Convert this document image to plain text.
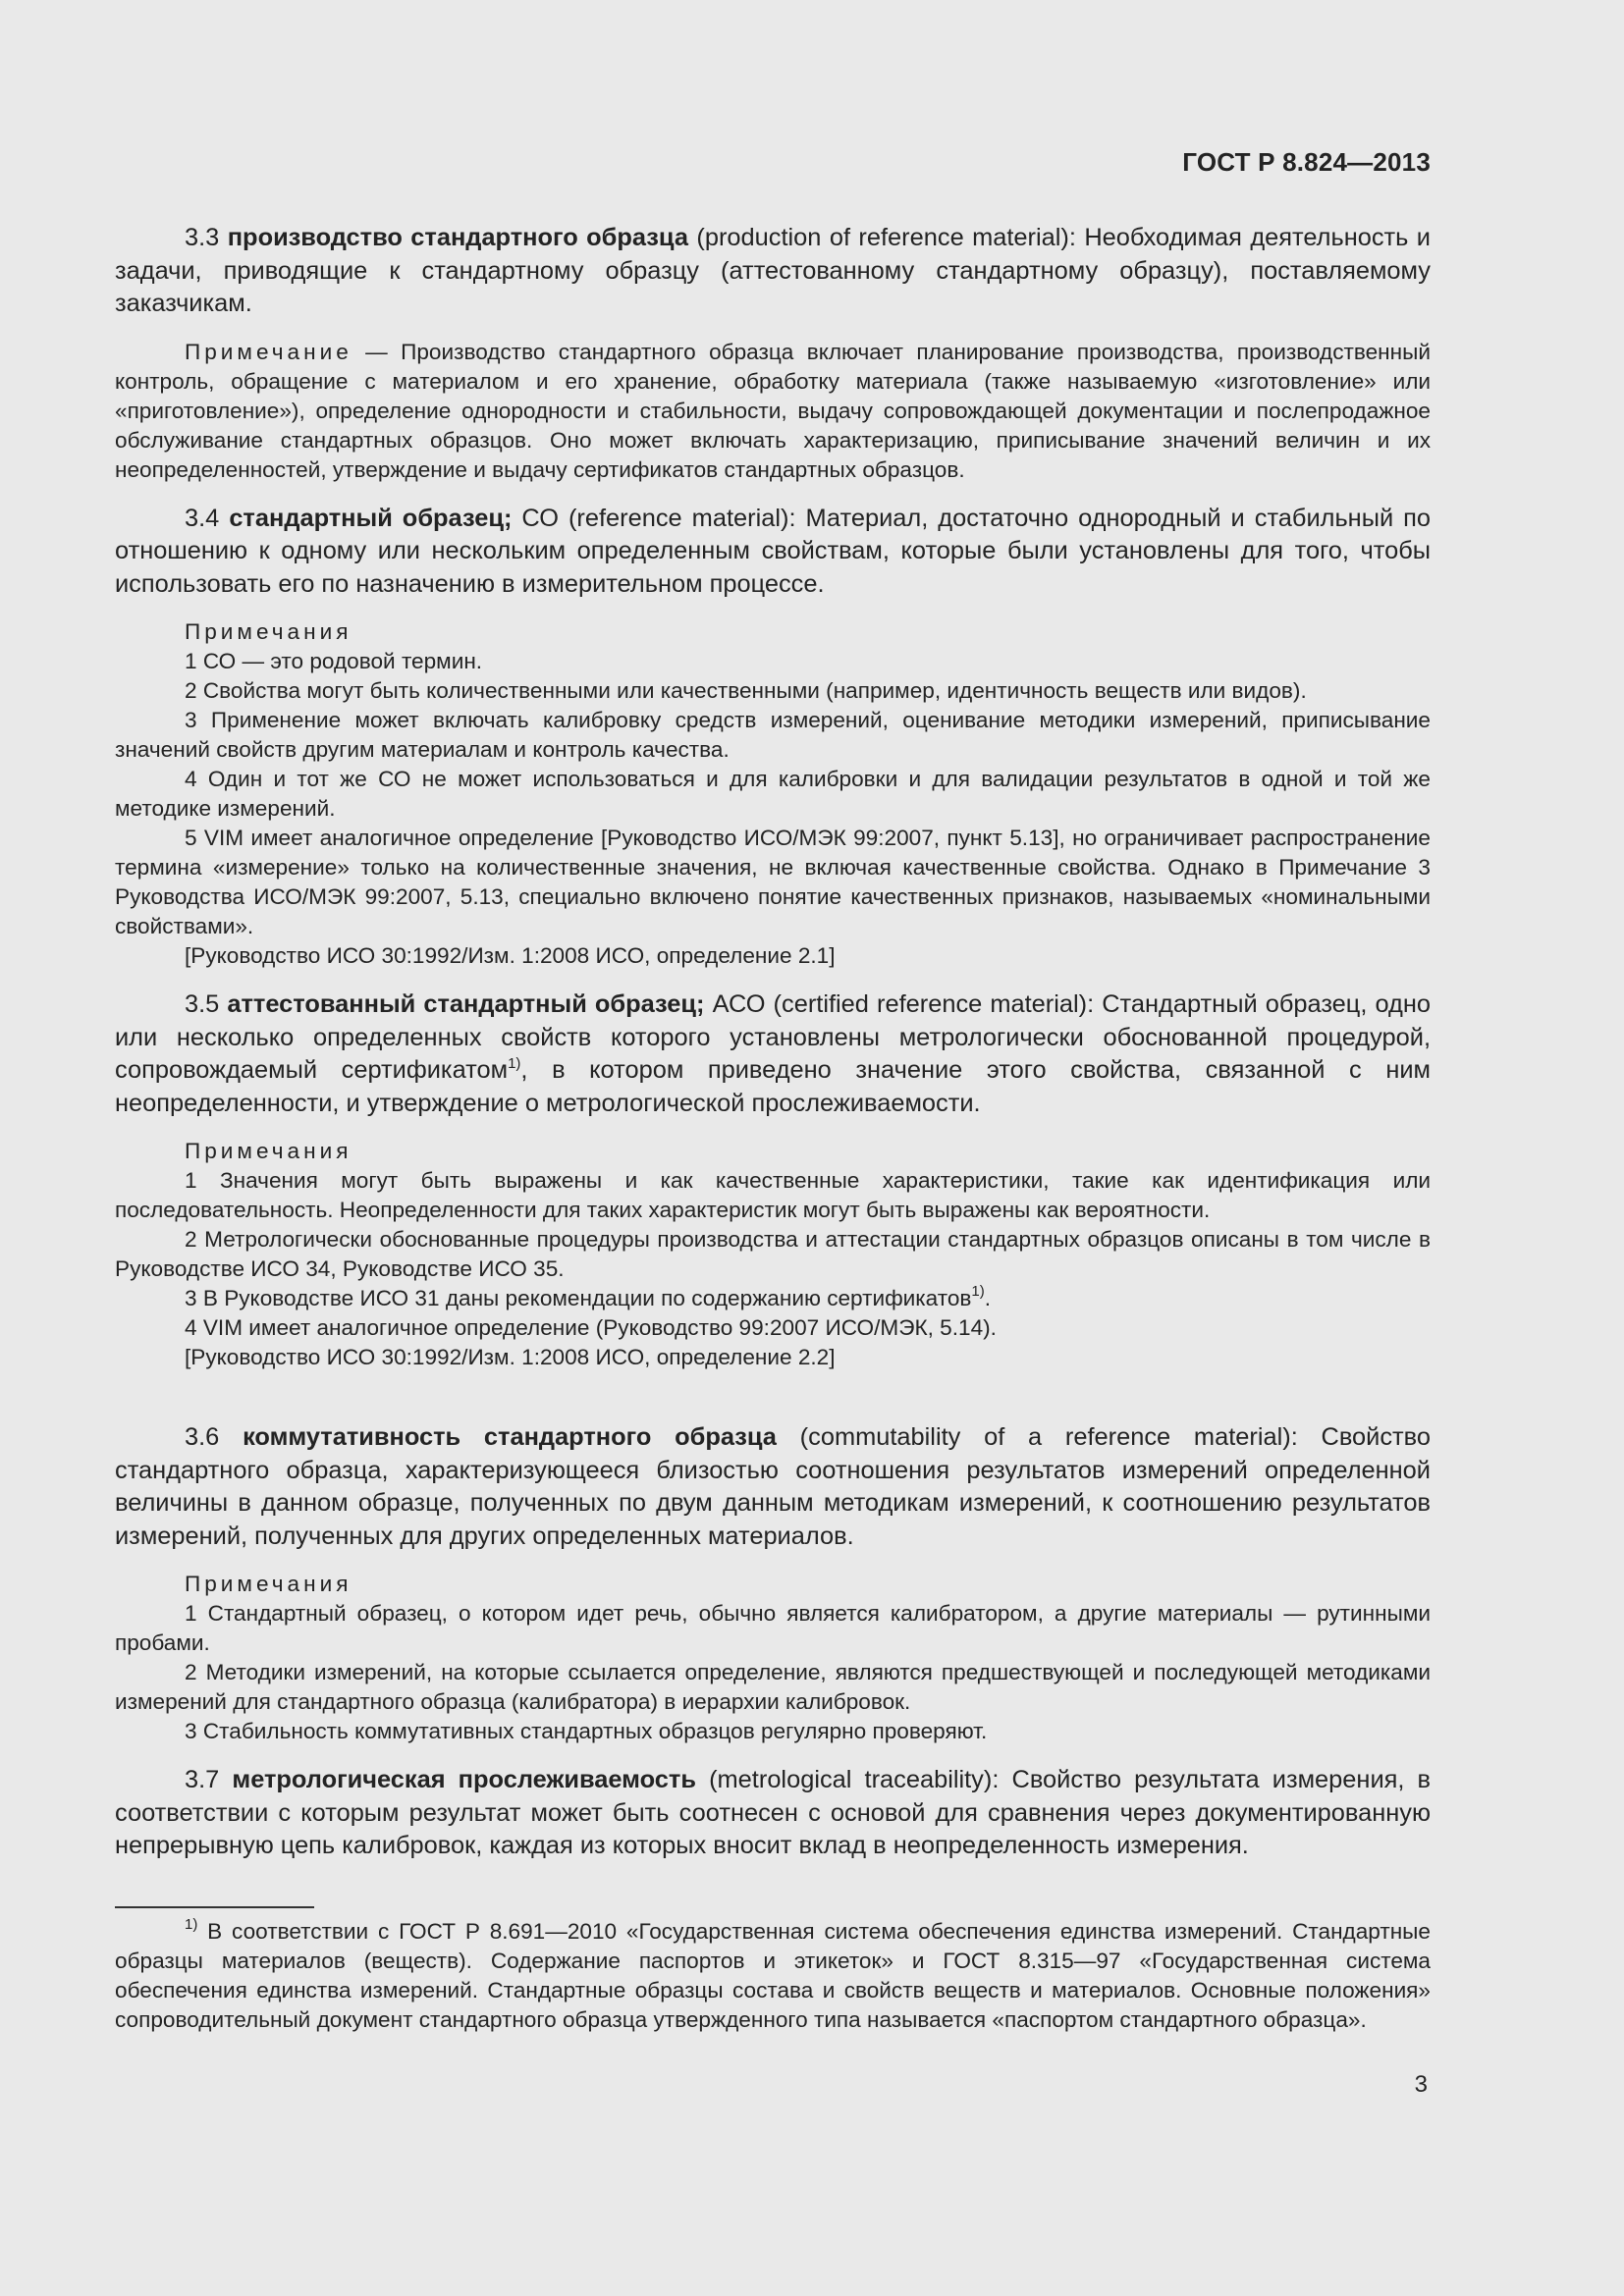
ГОСТ Р 8.824—2013

3.3 производство стандартного образца (production of reference material): Необходимая деятельность и задачи, приводящие к стандартному образцу (аттестованному стандартному образцу), поставляемому заказчикам.

Примечание — Производство стандартного образца включает планирование производства, производственный контроль, обращение с материалом и его хранение, обработку материала (также называемую «изготовление» или «приготовление»), определение однородности и стабильности, выдачу сопровождающей документации и послепродажное обслуживание стандартных образцов. Оно может включать характеризацию, приписывание значений величин и их неопределенностей, утверждение и выдачу сертификатов стандартных образцов.

3.4 стандартный образец; СО (reference material): Материал, достаточно однородный и стабильный по отношению к одному или нескольким определенным свойствам, которые были установлены для того, чтобы использовать его по назначению в измерительном процессе.

Примечания

1 СО — это родовой термин.

2 Свойства могут быть количественными или качественными (например, идентичность веществ или видов).

3 Применение может включать калибровку средств измерений, оценивание методики измерений, приписывание значений свойств другим материалам и контроль качества.

4 Один и тот же СО не может использоваться и для калибровки и для валидации результатов в одной и той же методике измерений.

5 VIM имеет аналогичное определение [Руководство ИСО/МЭК 99:2007, пункт 5.13], но ограничивает распространение термина «измерение» только на количественные значения, не включая качественные свойства. Однако в Примечание 3 Руководства ИСО/МЭК 99:2007, 5.13, специально включено понятие качественных признаков, называемых «номинальными свойствами».

[Руководство ИСО 30:1992/Изм. 1:2008 ИСО, определение 2.1]

3.5 аттестованный стандартный образец; АСО (certified reference material): Стандартный образец, одно или несколько определенных свойств которого установлены метрологически обоснованной процедурой, сопровождаемый сертификатом$^{1)}$, в котором приведено значение этого свойства, связанной с ним неопределенности, и утверждение о метрологической прослеживаемости.

Примечания

1 Значения могут быть выражены и как качественные характеристики, такие как идентификация или последовательность. Неопределенности для таких характеристик могут быть выражены как вероятности.

2 Метрологически обоснованные процедуры производства и аттестации стандартных образцов описаны в том числе в Руководстве ИСО 34, Руководстве ИСО 35.

3 В Руководстве ИСО 31 даны рекомендации по содержанию сертификатов$^{1)}$.

4 VIM имеет аналогичное определение (Руководство 99:2007 ИСО/МЭК, 5.14).

[Руководство ИСО 30:1992/Изм. 1:2008 ИСО, определение 2.2]

3.6 коммутативность стандартного образца (commutability of a reference material): Свойство стандартного образца, характеризующееся близостью соотношения результатов измерений определенной величины в данном образце, полученных по двум данным методикам измерений, к соотношению результатов измерений, полученных для других определенных материалов.

Примечания

1 Стандартный образец, о котором идет речь, обычно является калибратором, а другие материалы — рутинными пробами.

2 Методики измерений, на которые ссылается определение, являются предшествующей и последующей методиками измерений для стандартного образца (калибратора) в иерархии калибровок.

3 Стабильность коммутативных стандартных образцов регулярно проверяют.

3.7 метрологическая прослеживаемость (metrological traceability): Свойство результата измерения, в соответствии с которым результат может быть соотнесен с основой для сравнения через документированную непрерывную цепь калибровок, каждая из которых вносит вклад в неопределенность измерения.

$^{1)}$ В соответствии с ГОСТ Р 8.691—2010 «Государственная система обеспечения единства измерений. Стандартные образцы материалов (веществ). Содержание паспортов и этикеток» и ГОСТ 8.315—97 «Государственная система обеспечения единства измерений. Стандартные образцы состава и свойств веществ и материалов. Основные положения» сопроводительный документ стандартного образца утвержденного типа называется «паспортом стандартного образца».

3
